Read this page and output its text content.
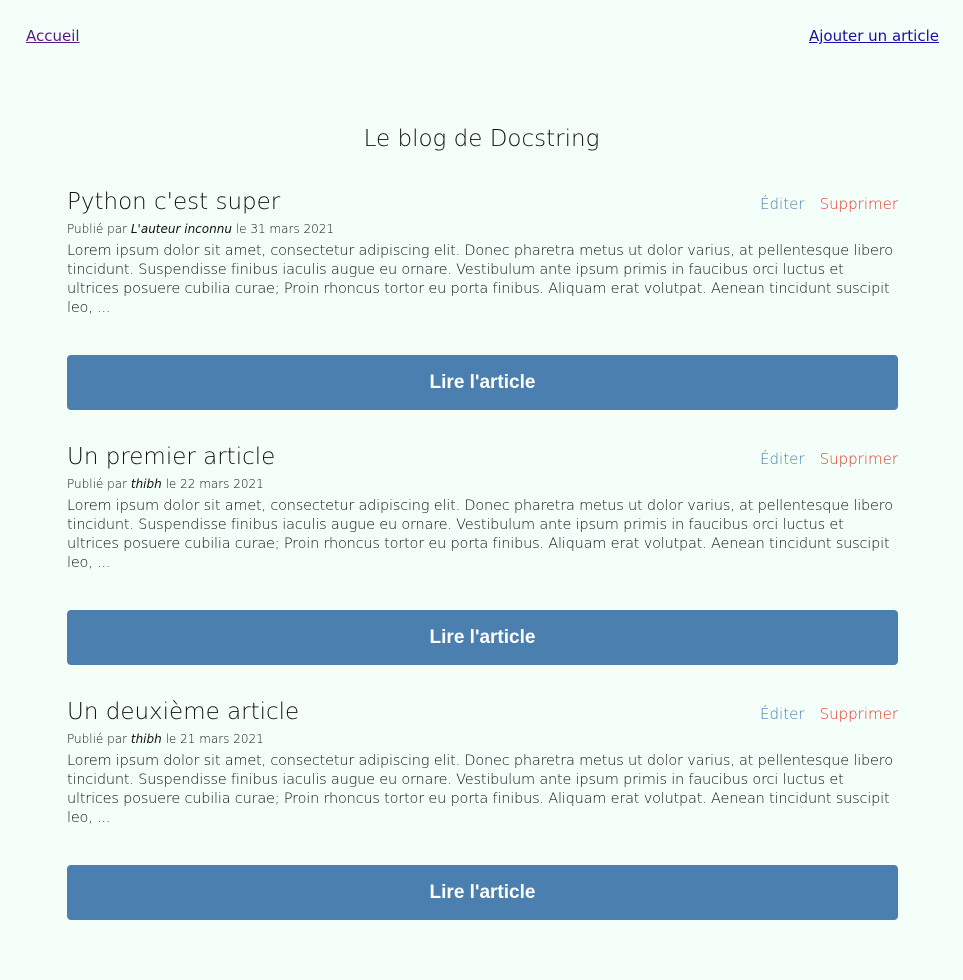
Accueil	Ajouter un article
Le blog de Docstring
Python c'est super	Éditer Supprimer
Publié par L'auteur inconnu le 31 mars 2021
Lorem ipsum dolor sit amet, consectetur adipiscing elit. Donec pharetra metus ut dolor varius, at pellentesque libero tincidunt. Suspendisse finibus iaculis augue eu ornare. Vestibulum ante ipsum primis in faucibus orci luctus et ultrices posuere cubilia curae; Proin rhoncus tortor eu porta finibus. Aliquam erat volutpat. Aenean tincidunt suscipit leo, ...
Lire l'article
Un premier article	Éditer Supprimer
Publié par thibh le 22 mars 2021
Lorem ipsum dolor sit amet, consectetur adipiscing elit. Donec pharetra metus ut dolor varius, at pellentesque libero tincidunt. Suspendisse finibus iaculis augue eu ornare. Vestibulum ante ipsum primis in faucibus orci luctus et ultrices posuere cubilia curae; Proin rhoncus tortor eu porta finibus. Aliquam erat volutpat. Aenean tincidunt suscipit leo, ...
Lire l'article
Un deuxième article	Éditer Supprimer
Publié par thibh le 21 mars 2021
Lorem ipsum dolor sit amet, consectetur adipiscing elit. Donec pharetra metus ut dolor varius, at pellentesque libero tincidunt. Suspendisse finibus iaculis augue eu ornare. Vestibulum ante ipsum primis in faucibus orci luctus et ultrices posuere cubilia curae; Proin rhoncus tortor eu porta finibus. Aliquam erat volutpat. Aenean tincidunt suscipit leo, ...
Lire l'article
